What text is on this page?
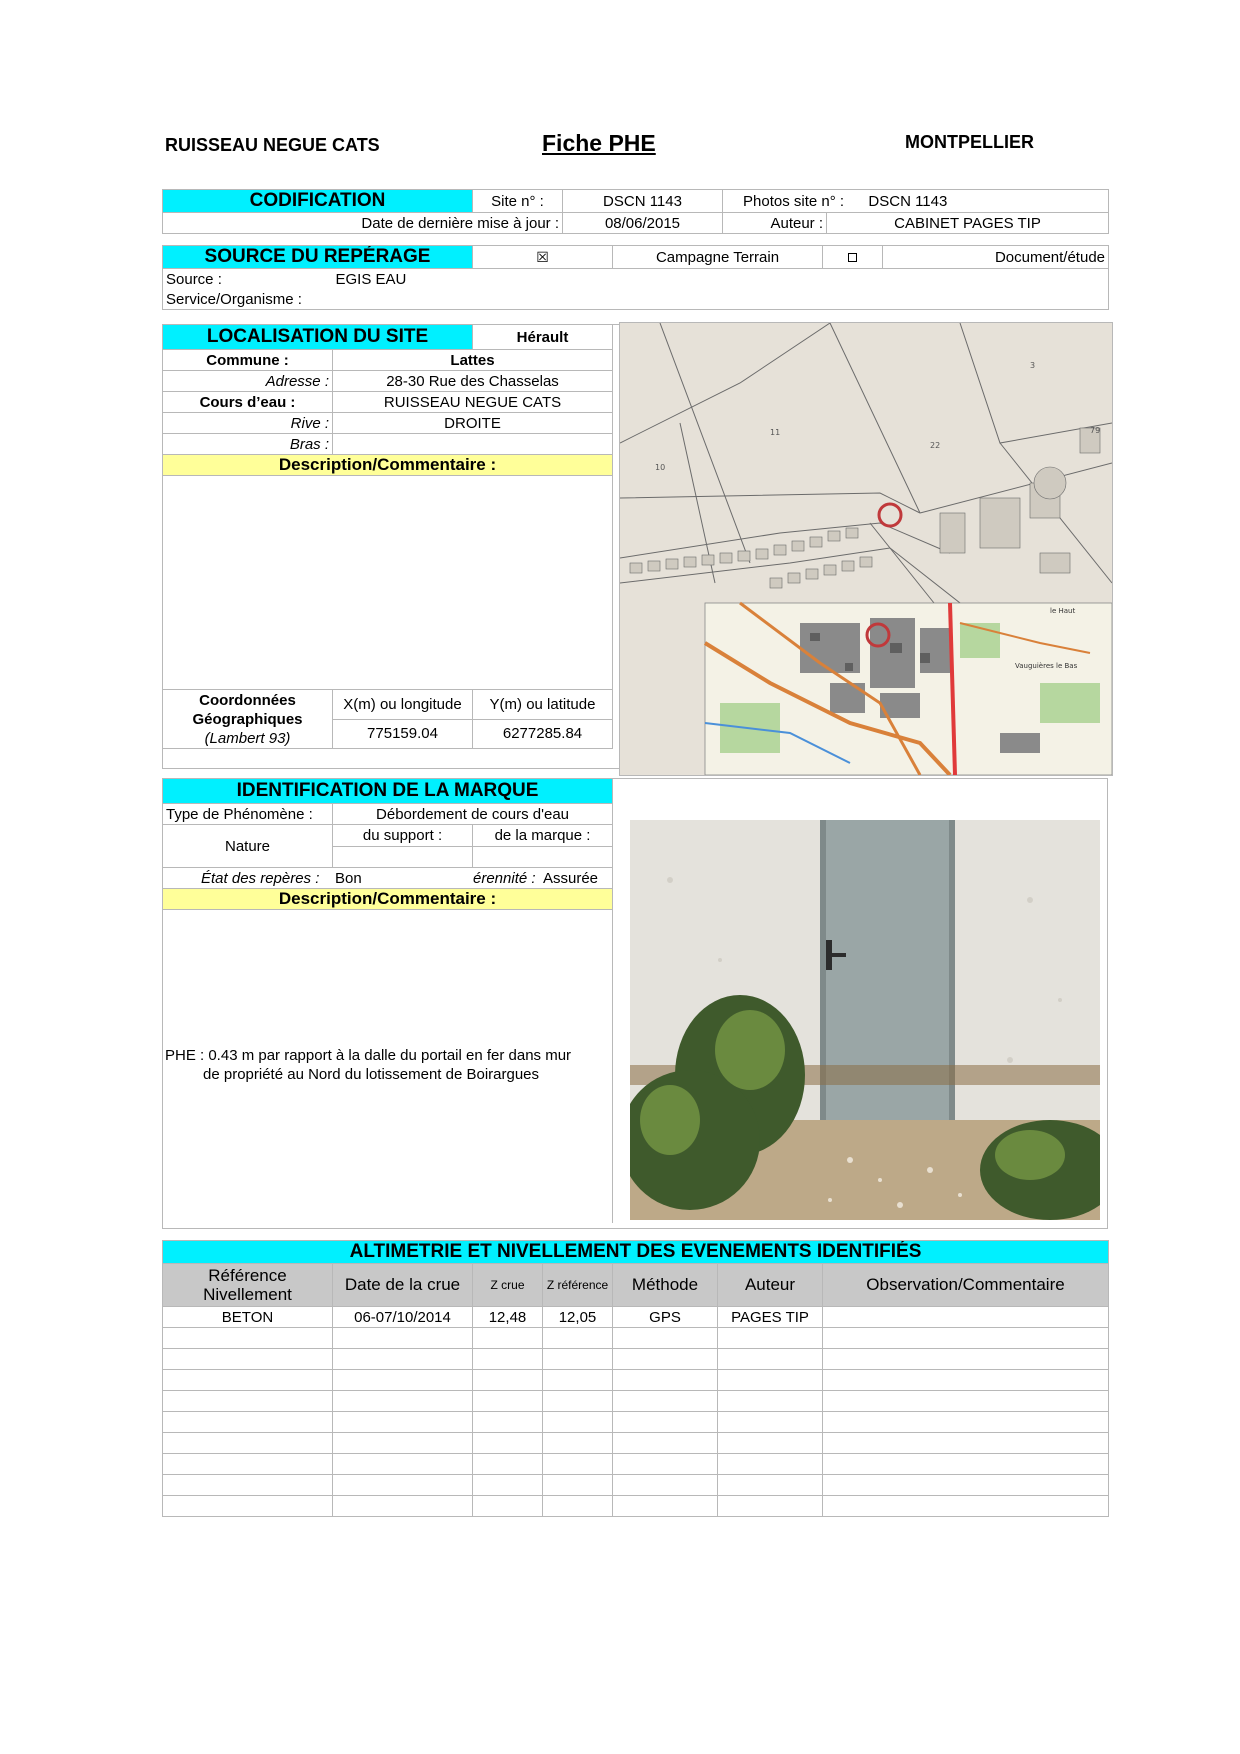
RUISSEAU NEGUE CATS	Fiche PHE	MONTPELLIER
CODIFICATION	Site n° :	DSCN 1143	Photos site n° : DSCN 1143	
Date de dernière mise à jour :		08/06/2015	Auteur :	CABINET PAGES TIP
SOURCE DU REPÉRAGE		☒	Campagne Terrain		Document/étude
Source :	EGIS EAU				
Service/Organisme :					
LOCALISATION DU SITE		Hérault
Commune :	Lattes	
Adresse :	28-30 Rue des Chasselas	
Cours d’eau :	RUISSEAU NEGUE CATS	
Rive :	DROITE	
Bras :		
Description/Commentaire :		

Coordonnées
Géographiques
(Lambert 93)	X(m) ou longitude	Y(m) ou latitude
	775159.04	6277285.84
3
11
22
10
79
le Haut
Vauguières le Bas
IDENTIFICATION DE LA MARQUE		
Type de Phénomène :	Débordement de cours d'eau	
Nature	du support :	de la marque :

État des repères : Bon érennité : Assurée		

Description/Commentaire :		

PHE : 0.43 m par rapport à la dalle du portail en fer dans mur
de propriété au Nord du lotissement de Boirargues		
ALTIMETRIE ET NIVELLEMENT DES EVENEMENTS IDENTIFIÉS						
Référence Nivellement	Date de la crue	Z crue	Z référence	Méthode	Auteur	Observation/Commentaire
BETON	06-07/10/2014	12,48	12,05	GPS	PAGES TIP	
